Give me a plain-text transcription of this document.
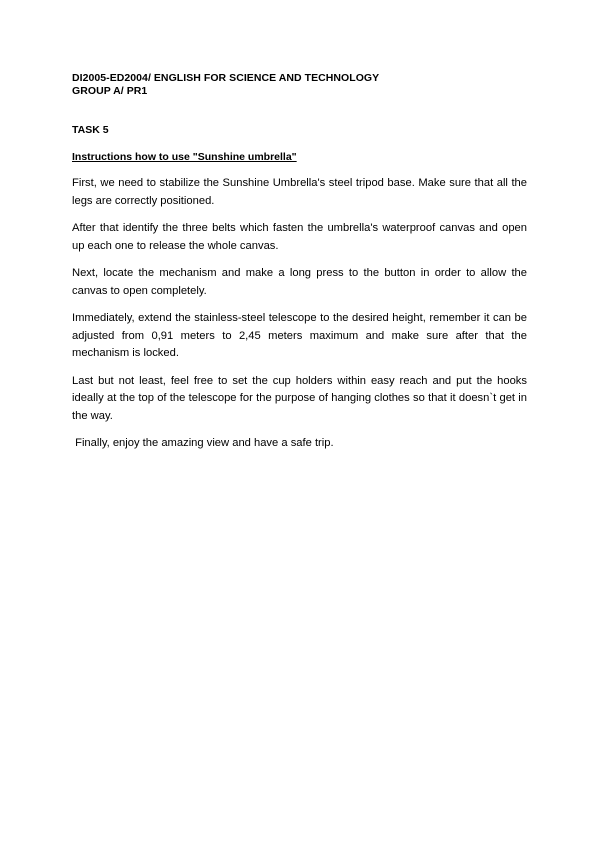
DI2005-ED2004/ ENGLISH FOR SCIENCE AND TECHNOLOGY
GROUP A/ PR1
TASK 5
Instructions how to use "Sunshine umbrella"

First, we need to stabilize the Sunshine Umbrella's steel tripod base. Make sure that all the legs are correctly positioned.

After that identify the three belts which fasten the umbrella's waterproof canvas and open up each one to release the whole canvas.

Next, locate the mechanism and make a long press to the button in order to allow the canvas to open completely.

Immediately, extend the stainless-steel telescope to the desired height, remember it can be adjusted from 0,91 meters to 2,45 meters maximum and make sure after that the mechanism is locked.

Last but not least, feel free to set the cup holders within easy reach and put the hooks ideally at the top of the telescope for the purpose of hanging clothes so that it doesn`t get in the way.

Finally, enjoy the amazing view and have a safe trip.
